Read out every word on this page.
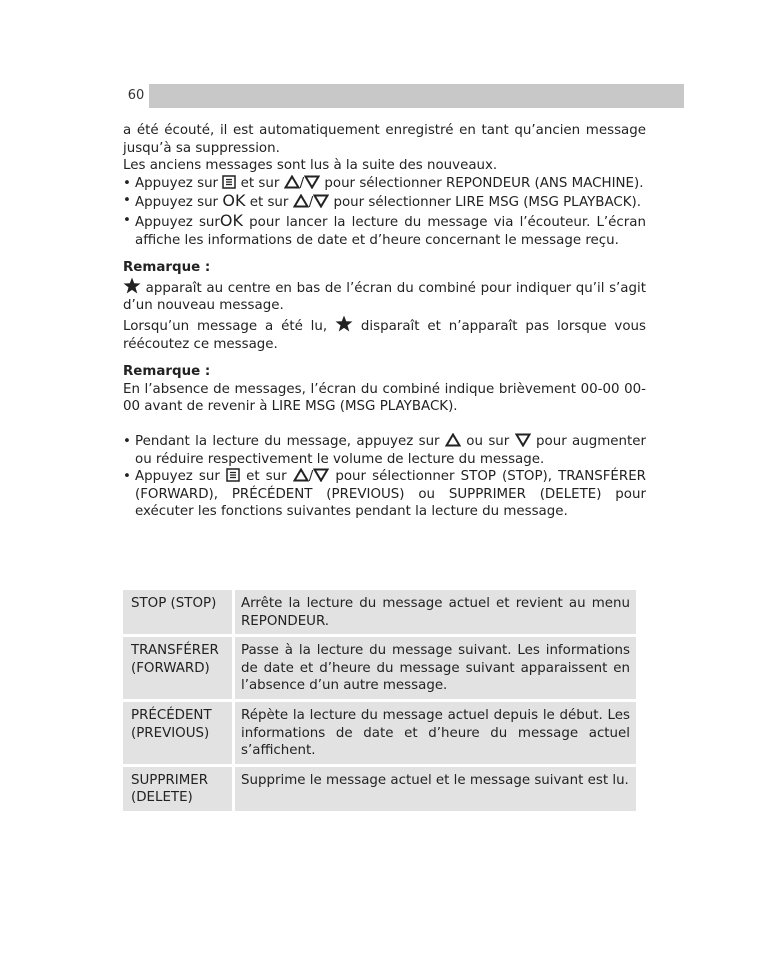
60

a été écouté, il est automatiquement enregistré en tant qu’ancien message jusqu’à sa suppression.

Les anciens messages sont lus à la suite des nouveaux.

• Appuyez sur et sur / pour sélectionner REPONDEUR (ANS MACHINE).

• Appuyez sur OK et sur / pour sélectionner LIRE MSG (MSG PLAYBACK).

• Appuyez surOK pour lancer la lecture du message via l’écouteur. L’écran affiche les informations de date et d’heure concernant le message reçu.

Remarque :

apparaît au centre en bas de l’écran du combiné pour indiquer qu’il s’agit d’un nouveau message.

Lorsqu’un message a été lu,	disparaît et n’apparaît pas lorsque vous réécoutez ce message.

Remarque :

En l’absence de messages, l’écran du combiné indique brièvement 00-00 00-00 avant de revenir à LIRE MSG (MSG PLAYBACK).

• Pendant la lecture du message, appuyez sur ou sur pour augmenter ou réduire respectivement le volume de lecture du message.

• Appuyez sur et sur / pour sélectionner STOP (STOP), TRANSFÉRER (FORWARD), PRÉCÉDENT (PREVIOUS) ou SUPPRIMER (DELETE) pour exécuter les fonctions suivantes pendant la lecture du message.

STOP (STOP)	Arrête la lecture du message actuel et revient au menu REPONDEUR.
TRANSFÉRER (FORWARD)
Passe à la lecture du message suivant. Les informations de date et d’heure du message suivant apparaissent en l’absence d’un autre message.
PRÉCÉDENT (PREVIOUS)
Répète la lecture du message actuel depuis le début. Les informations de date et d’heure du message actuel s’affichent.
SUPPRIMER (DELETE)
Supprime le message actuel et le message suivant est lu.
